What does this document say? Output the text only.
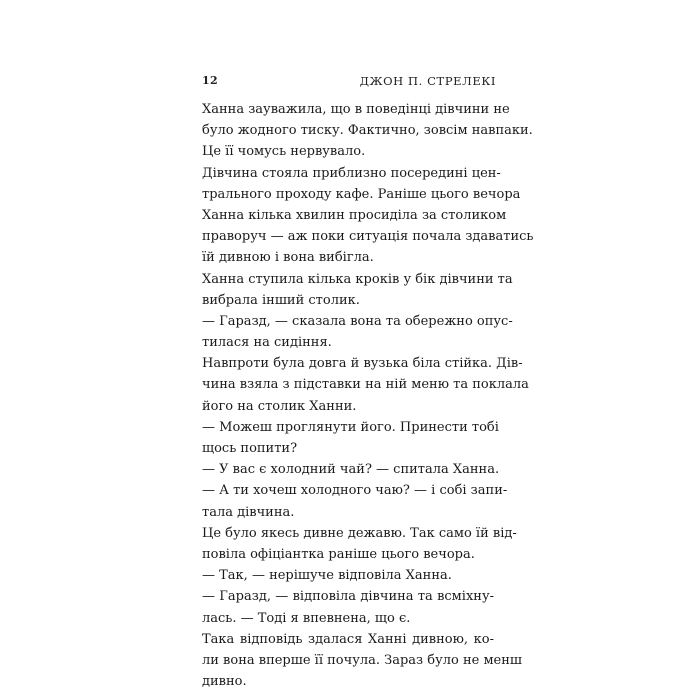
12	ДЖОН П. СТРЕЛЕКІ
Ханна зауважила, що в поведінці дівчини не
було жодного тиску. Фактично, зовсім навпаки.
Це її чомусь нервувало.
Дівчина стояла приблизно посередині цен-
трального проходу кафе. Раніше цього вечора
Ханна кілька хвилин просиділа за столиком
праворуч — аж поки ситуація почала здаватись
їй дивною і вона вибігла.
Ханна ступила кілька кроків у бік дівчини та
вибрала інший столик.
— Гаразд, — сказала вона та обережно опус-
тилася на сидіння.
Навпроти була довга й вузька біла стійка. Дів-
чина взяла з підставки на ній меню та поклала
його на столик Ханни.
— Можеш проглянути його. Принести тобі
щось попити?
— У вас є холодний чай? — спитала Ханна.
— А ти хочеш холодного чаю? — і собі запи-
тала дівчина.
Це було якесь дивне дежавю. Так само їй від-
повіла офіціантка раніше цього вечора.
— Так, — нерішуче відповіла Ханна.
— Гаразд, — відповіла дівчина та всміхну-
лась. — Тоді я впевнена, що є.
Така відповідь здалася Ханні дивною, ко-
ли вона вперше її почула. Зараз було не менш
дивно.
